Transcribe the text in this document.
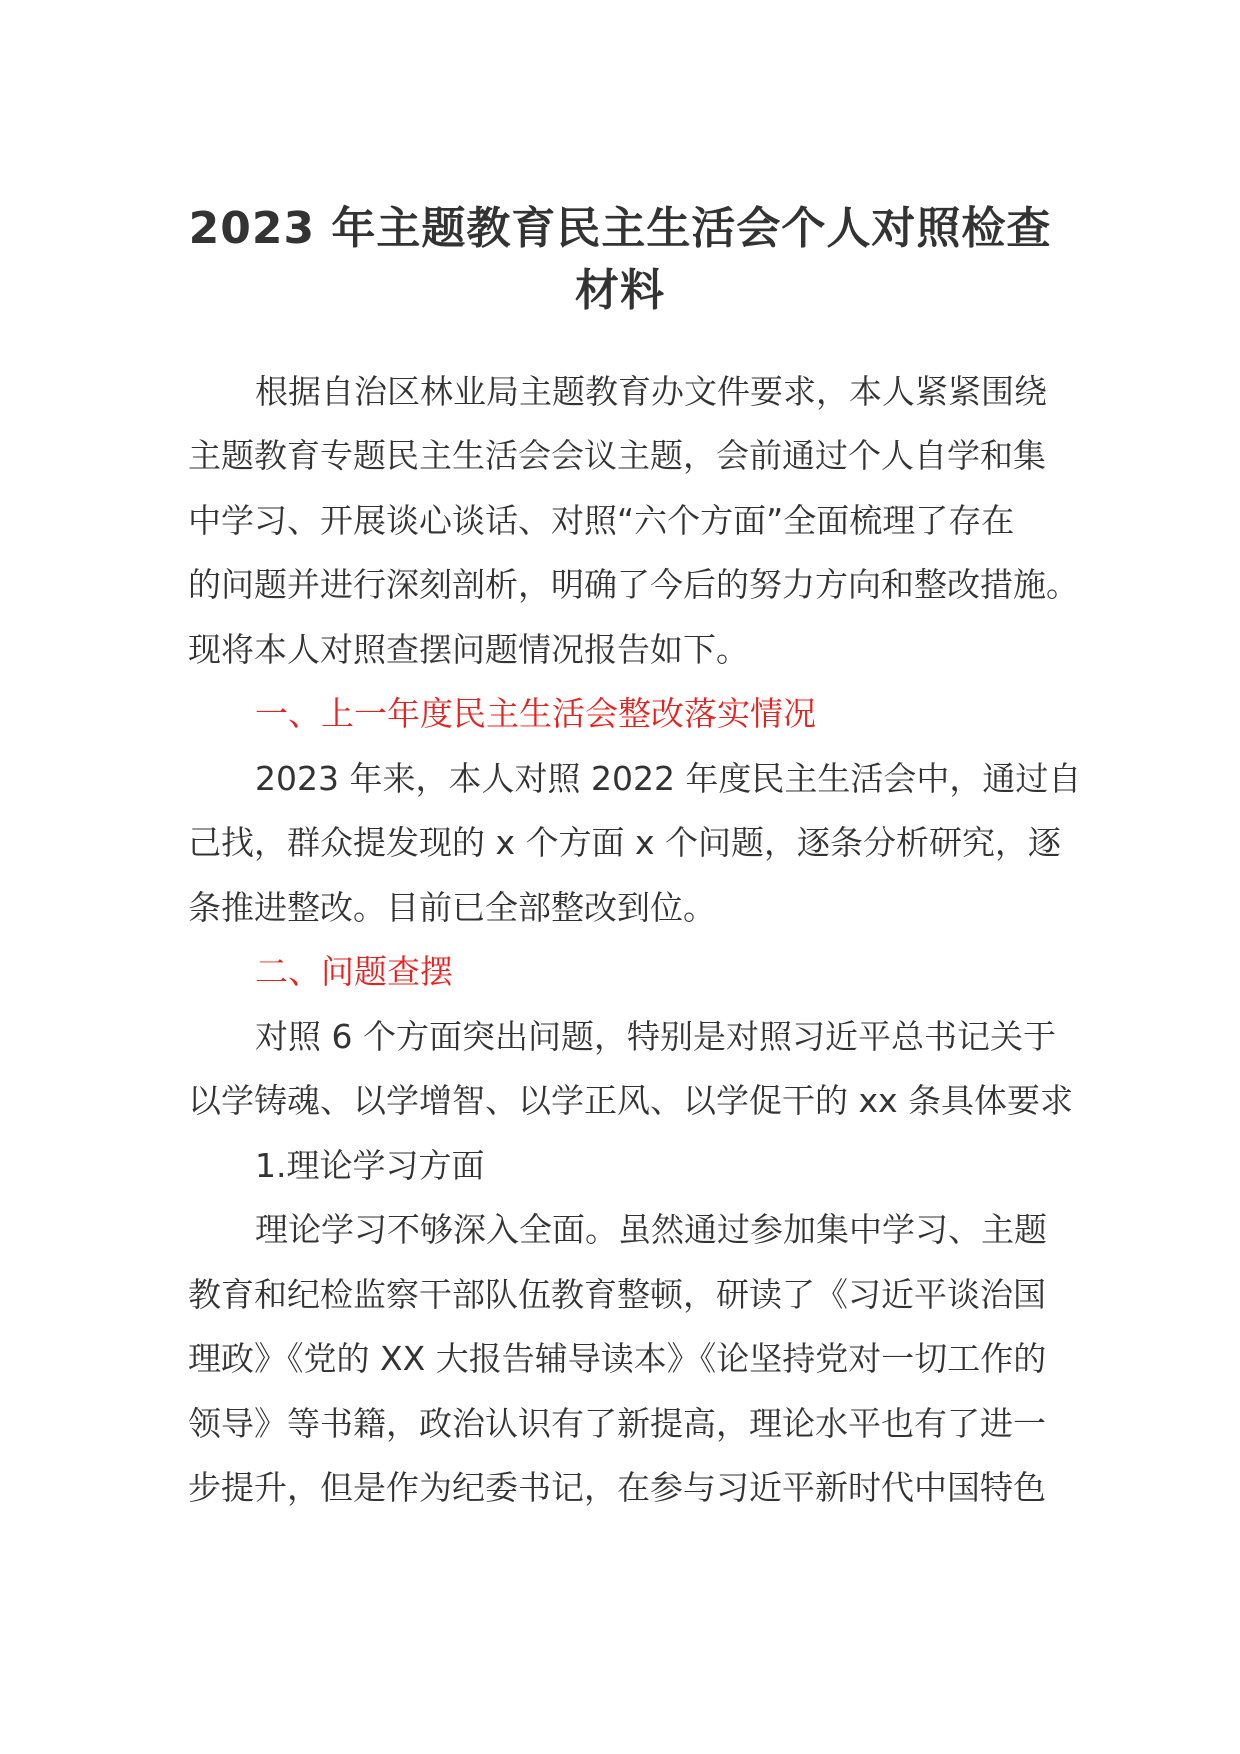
2023 年主题教育民主生活会个人对照检查
材料
根据自治区林业局主题教育办文件要求，本人紧紧围绕
主题教育专题民主生活会会议主题，会前通过个人自学和集
中学习、开展谈心谈话、对照“六个方面”全面梳理了存在
的问题并进行深刻剖析，明确了今后的努力方向和整改措施。
现将本人对照查摆问题情况报告如下。
一、上一年度民主生活会整改落实情况
2023 年来，本人对照 2022 年度民主生活会中，通过自
己找，群众提发现的 x 个方面 x 个问题，逐条分析研究，逐
条推进整改。目前已全部整改到位。
二、问题查摆
对照 6 个方面突出问题，特别是对照习近平总书记关于
以学铸魂、以学增智、以学正风、以学促干的 xx 条具体要求
1.理论学习方面
理论学习不够深入全面。虽然通过参加集中学习、主题
教育和纪检监察干部队伍教育整顿，研读了《习近平谈治国
理政》《党的 XX 大报告辅导读本》《论坚持党对一切工作的
领导》等书籍，政治认识有了新提高，理论水平也有了进一
步提升，但是作为纪委书记，在参与习近平新时代中国特色
